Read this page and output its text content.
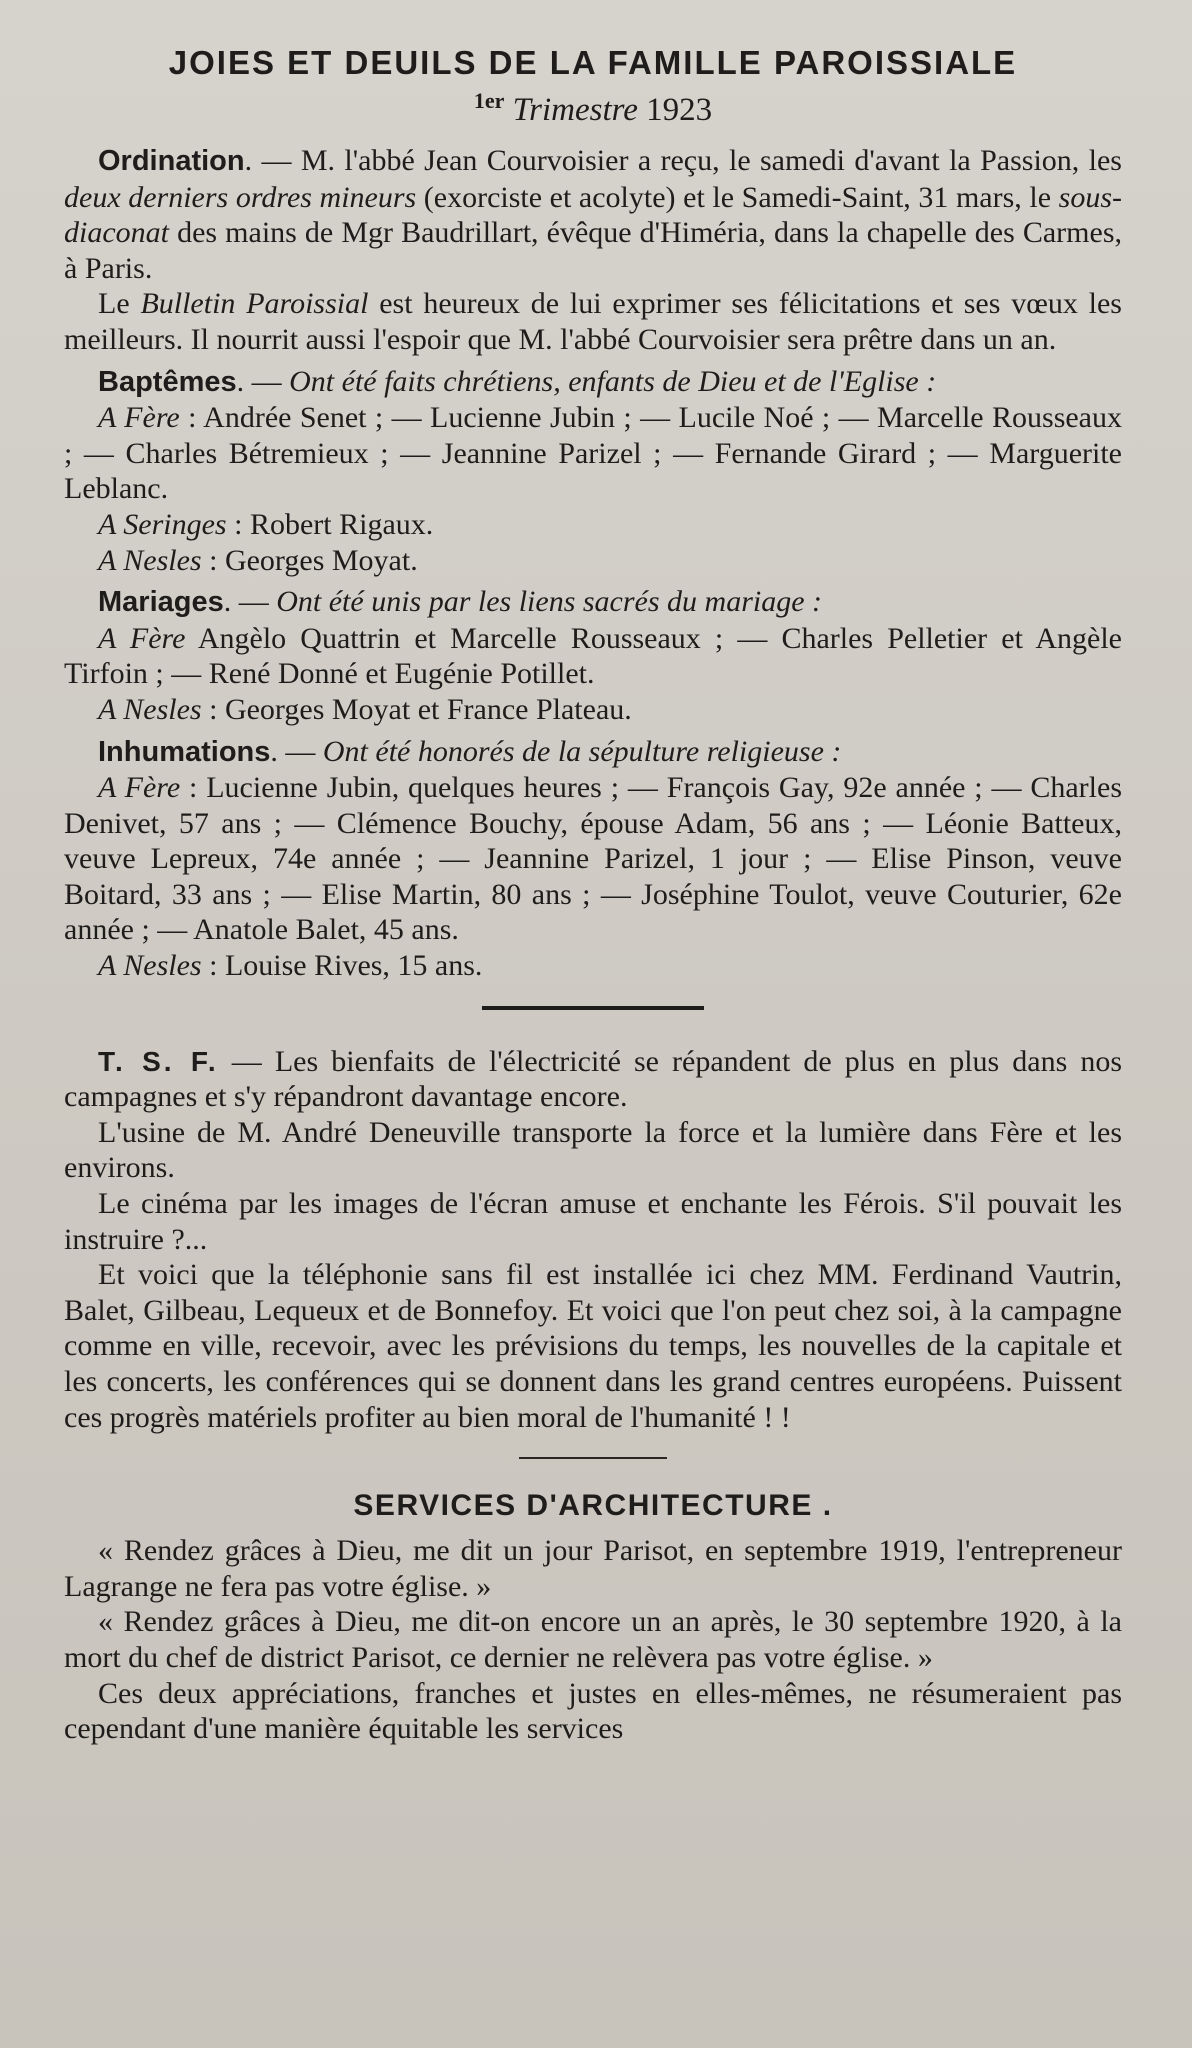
JOIES ET DEUILS DE LA FAMILLE PAROISSIALE
$^{1er}$ Trimestre 1923

Ordination. — M. l'abbé Jean Courvoisier a reçu, le samedi d'avant la Passion, les deux derniers ordres mineurs (exorciste et acolyte) et le Samedi-Saint, 31 mars, le sous-diaconat des mains de Mgr Baudrillart, évêque d'Himéria, dans la chapelle des Carmes, à Paris.

Le Bulletin Paroissial est heureux de lui exprimer ses félicitations et ses vœux les meilleurs. Il nourrit aussi l'espoir que M. l'abbé Courvoisier sera prêtre dans un an.

Baptêmes. — Ont été faits chrétiens, enfants de Dieu et de l'Eglise :

A Fère : Andrée Senet ; — Lucienne Jubin ; — Lucile Noé ; — Marcelle Rousseaux ; — Charles Bétremieux ; — Jeannine Parizel ; — Fernande Girard ; — Marguerite Leblanc.

A Seringes : Robert Rigaux.

A Nesles : Georges Moyat.

Mariages. — Ont été unis par les liens sacrés du mariage :

A Fère Angèlo Quattrin et Marcelle Rousseaux ; — Charles Pelletier et Angèle Tirfoin ; — René Donné et Eugénie Potillet.

A Nesles : Georges Moyat et France Plateau.

Inhumations. — Ont été honorés de la sépulture religieuse :

A Fère : Lucienne Jubin, quelques heures ; — François Gay, 92e année ; — Charles Denivet, 57 ans ; — Clémence Bouchy, épouse Adam, 56 ans ; — Léonie Batteux, veuve Lepreux, 74e année ; — Jeannine Parizel, 1 jour ; — Elise Pinson, veuve Boitard, 33 ans ; — Elise Martin, 80 ans ; — Joséphine Toulot, veuve Couturier, 62e année ; — Anatole Balet, 45 ans.

A Nesles : Louise Rives, 15 ans.

T. S. F. — Les bienfaits de l'électricité se répandent de plus en plus dans nos campagnes et s'y répandront davantage encore.

L'usine de M. André Deneuville transporte la force et la lumière dans Fère et les environs.

Le cinéma par les images de l'écran amuse et enchante les Férois. S'il pouvait les instruire ?...

Et voici que la téléphonie sans fil est installée ici chez MM. Ferdinand Vautrin, Balet, Gilbeau, Lequeux et de Bonnefoy. Et voici que l'on peut chez soi, à la campagne comme en ville, recevoir, avec les prévisions du temps, les nouvelles de la capitale et les concerts, les conférences qui se donnent dans les grand centres européens. Puissent ces progrès matériels profiter au bien moral de l'humanité ! !

SERVICES D'ARCHITECTURE .

« Rendez grâces à Dieu, me dit un jour Parisot, en septembre 1919, l'entrepreneur Lagrange ne fera pas votre église. »

« Rendez grâces à Dieu, me dit-on encore un an après, le 30 septembre 1920, à la mort du chef de district Parisot, ce dernier ne relèvera pas votre église. »

Ces deux appréciations, franches et justes en elles-mêmes, ne résumeraient pas cependant d'une manière équitable les services
